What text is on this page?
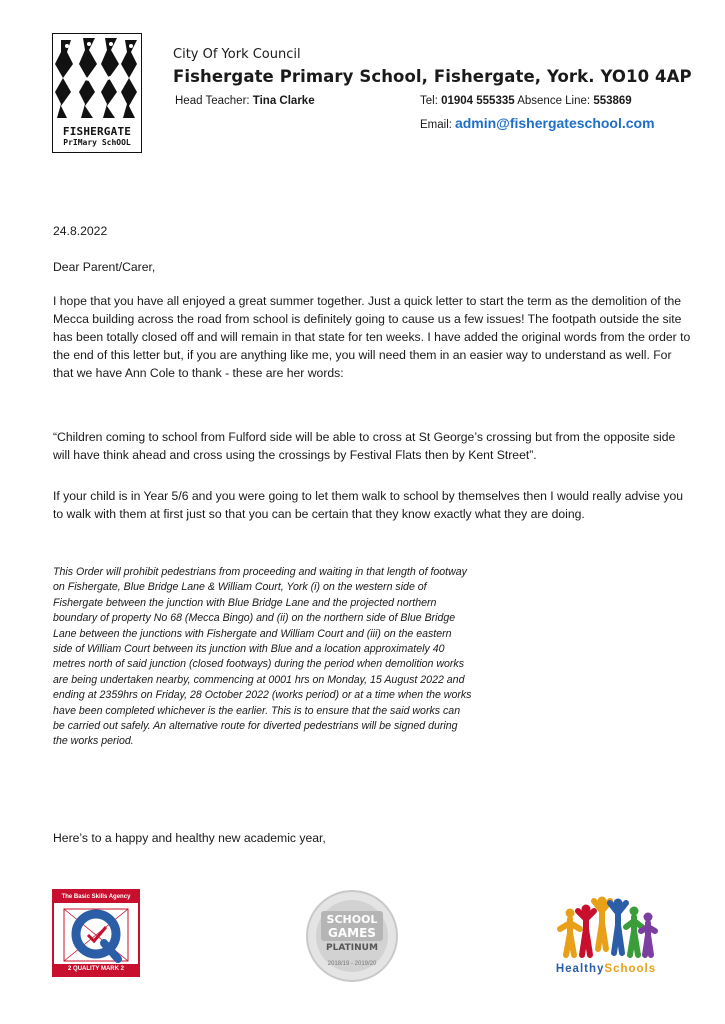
FISHERGATE
PrIMary SchOOL
City Of York Council
Fishergate Primary School, Fishergate, York. YO10 4AP
Head Teacher: Tina Clarke	Tel: 01904 555335 Absence Line: 553869
Email: admin@fishergateschool.com

24.8.2022

Dear Parent/Carer,

I hope that you have all enjoyed a great summer together. Just a quick letter to start the term as the demolition of the Mecca building across the road from school is definitely going to cause us a few issues! The footpath outside the site has been totally closed off and will remain in that state for ten weeks. I have added the original words from the order to the end of this letter but, if you are anything like me, you will need them in an easier way to understand as well. For that we have Ann Cole to thank - these are her words:

“Children coming to school from Fulford side will be able to cross at St George’s crossing but from the opposite side will have think ahead and cross using the crossings by Festival Flats then by Kent Street”.

If your child is in Year 5/6 and you were going to let them walk to school by themselves then I would really advise you to walk with them at first just so that you can be certain that they know exactly what they are doing.

This Order will prohibit pedestrians from proceeding and waiting in that length of footway on Fishergate, Blue Bridge Lane & William Court, York (i) on the western side of Fishergate between the junction with Blue Bridge Lane and the projected northern boundary of property No 68 (Mecca Bingo) and (ii) on the northern side of Blue Bridge Lane between the junctions with Fishergate and William Court and (iii) on the eastern side of William Court between its junction with Blue and a location approximately 40 metres north of said junction (closed footways) during the period when demolition works are being undertaken nearby, commencing at 0001 hrs on Monday, 15 August 2022 and ending at 2359hrs on Friday, 28 October 2022 (works period) or at a time when the works have been completed whichever is the earlier. This is to ensure that the said works can be carried out safely. An alternative route for diverted pedestrians will be signed during the works period.

Here’s to a happy and healthy new academic year,

The Basic Skills Agency
2 QUALITY MARK 2
SCHOOL
GAMES
PLATINUM
2018/19 - 2019/20	HealthySchools
